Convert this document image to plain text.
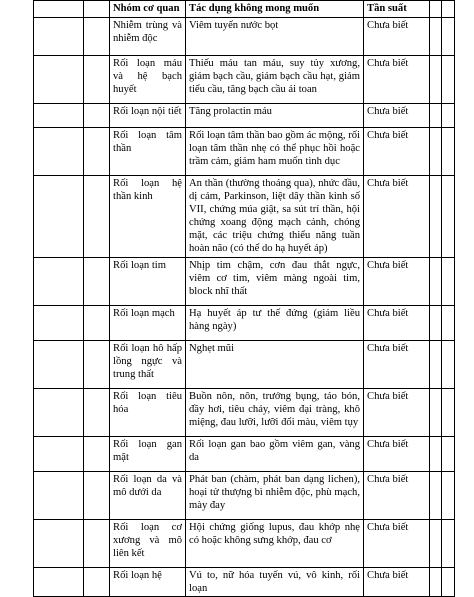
		Nhóm cơ quan	Tác dụng không mong muốn	Tần suất		
		Nhiễm trùng và nhiễm độc	Viêm tuyến nước bọt	Chưa biết		
		Rối loạn máu và hệ bạch huyết	Thiếu máu tan máu, suy tủy xương, giảm bạch cầu, giảm bạch cầu hạt, giảm tiểu cầu, tăng bạch cầu ái toan	Chưa biết		
		Rối loạn nội tiết	Tăng prolactin máu	Chưa biết		
		Rối loạn tâm thần	Rối loạn tâm thần bao gồm ác mộng, rối loạn tâm thần nhẹ có thể phục hồi hoặc trầm cảm, giảm ham muốn tình dục	Chưa biết		
		Rối loạn hệ thần kinh	An thần (thường thoáng qua), nhức đầu, dị cảm, Parkinson, liệt dây thần kinh số VII, chứng múa giật, sa sút trí thần, hội chứng xoang động mạch cảnh, chóng mặt, các triệu chứng thiểu năng tuần hoàn não (có thể do hạ huyết áp)	Chưa biết		
		Rối loạn tim	Nhịp tim chậm, cơn đau thắt ngực, viêm cơ tim, viêm màng ngoài tim, block nhĩ thất	Chưa biết		
		Rối loạn mạch	Hạ huyết áp tư thế đứng (giảm liều hàng ngày)	Chưa biết		
		Rối loạn hô hấp lồng ngực và trung thất	Nghẹt mũi	Chưa biết		
		Rối loạn tiêu hóa	Buồn nôn, nôn, trướng bụng, táo bón, đầy hơi, tiêu chảy, viêm đại tràng, khô miệng, đau lưỡi, lưỡi đổi màu, viêm tụy	Chưa biết		
		Rối loạn gan mật	Rối loạn gan bao gồm viêm gan, vàng da	Chưa biết		
		Rối loạn da và mô dưới da	Phát ban (chàm, phát ban dạng lichen), hoại tử thượng bì nhiễm độc, phù mạch, mày đay	Chưa biết		
		Rối loạn cơ xương và mô liên kết	Hội chứng giống lupus, đau khớp nhẹ có hoặc không sưng khớp, đau cơ	Chưa biết		
		Rối loạn hệ	Vú to, nữ hóa tuyến vú, vô kinh, rối loạn	Chưa biết		
